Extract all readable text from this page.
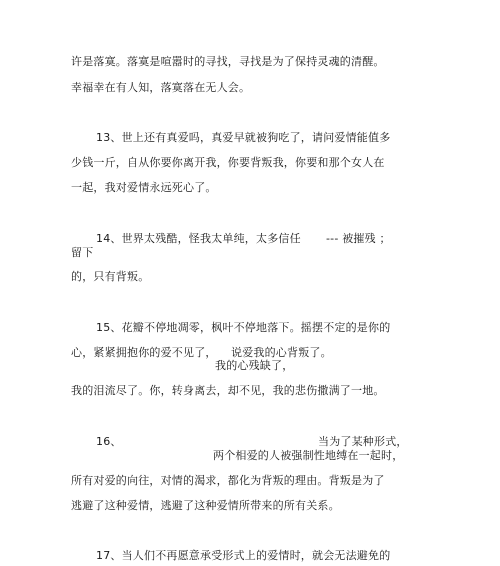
许是落寞。落寞是喧嚣时的寻找，寻找是为了保持灵魂的清醒。
幸福幸在有人知，落寞落在无人会。
13、世上还有真爱吗，真爱早就被狗吃了，请问爱情能值多
少钱一斤，自从你要你离开我，你要背叛我，你要和那个女人在
一起，我对爱情永远死心了。
14、世界太残酷，怪我太单纯，太多信任 --- 被摧残 ；
留下
的，只有背叛。
15、花瓣不停地凋零，枫叶不停地落下。摇摆不定的是你的
心，紧紧拥抱你的爱不见了， 说爱我的心背叛了。
我的心残缺了，
我的泪流尽了。你，转身离去，却不见，我的悲伤撒满了一地。
16、	当为了某种形式，
两个相爱的人被强制性地缚在一起时，
所有对爱的向往，对情的渴求，都化为背叛的理由。背叛是为了
逃避了这种爱情，逃避了这种爱情所带来的所有关系。
17、当人们不再愿意承受形式上的爱情时，就会无法避免的
